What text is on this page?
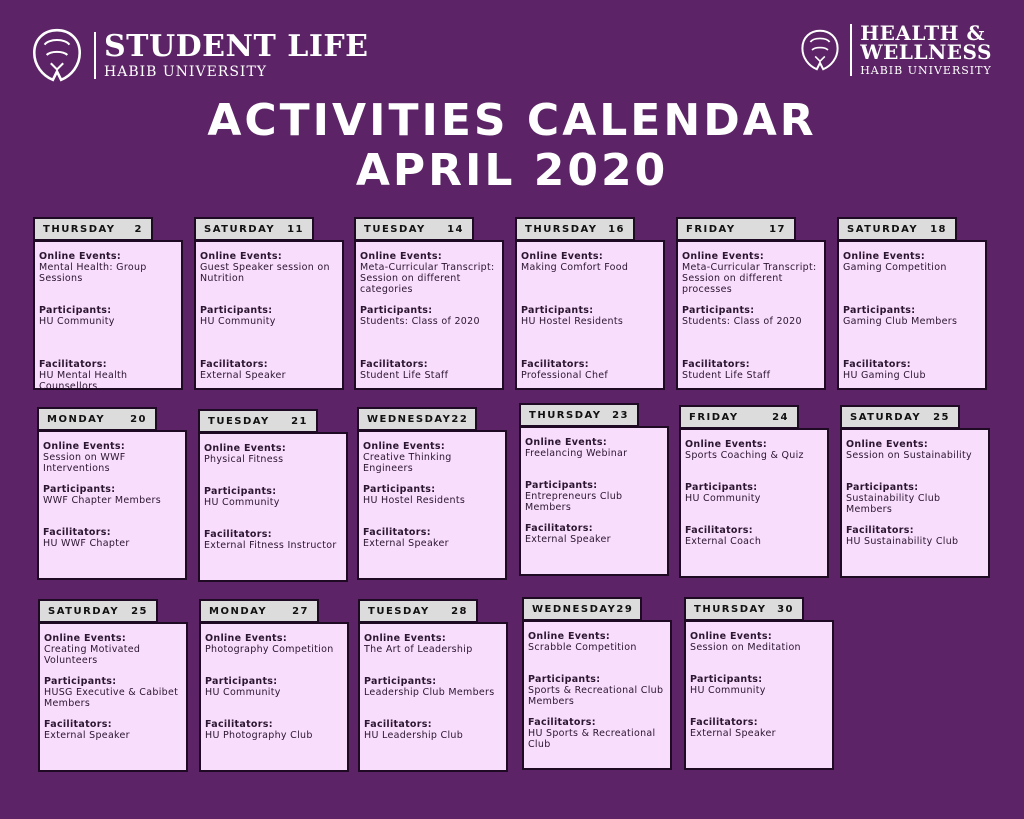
STUDENT LIFE
HABIB UNIVERSITY
HEALTH &
WELLNESS
HABIB UNIVERSITY
ACTIVITIES CALENDAR
APRIL 2020
Online Events:
Mental Health: Group Sessions
Participants:
HU Community
Facilitators:
HU Mental Health Counsellors
THURSDAY 2
Online Events:
Guest Speaker session on Nutrition
Participants:
HU Community
Facilitators:
External Speaker
SATURDAY 11
Online Events:
Meta-Curricular Transcript: Session on different categories
Participants:
Students: Class of 2020
Facilitators:
Student Life Staff
TUESDAY 14
Online Events:
Making Comfort Food
Participants:
HU Hostel Residents
Facilitators:
Professional Chef
THURSDAY 16
Online Events:
Meta-Curricular Transcript: Session on different processes
Participants:
Students: Class of 2020
Facilitators:
Student Life Staff
FRIDAY	17
Online Events:
Gaming Competition
Participants:
Gaming Club Members
Facilitators:
HU Gaming Club
SATURDAY 18
Online Events:
Session on WWF Interventions
Participants:
WWF Chapter Members
Facilitators:
HU WWF Chapter
MONDAY 20
Online Events:
Physical Fitness
Participants:
HU Community
Facilitators:
External Fitness Instructor
TUESDAY 21
Online Events:
Creative Thinking Engineers
Participants:
HU Hostel Residents
Facilitators:
External Speaker
WEDNESDAY 22
Online Events:
Freelancing Webinar
Participants:
Entrepreneurs Club Members
Facilitators:
External Speaker
THURSDAY 23
Online Events:
Sports Coaching & Quiz
Participants:
HU Community
Facilitators:
External Coach
FRIDAY	24
Online Events:
Session on Sustainability
Participants:
Sustainability Club Members
Facilitators:
HU Sustainability Club
SATURDAY 25
Online Events:
Creating Motivated Volunteers
Participants:
HUSG Executive & Cabibet Members
Facilitators:
External Speaker
SATURDAY 25
Online Events:
Photography Competition
Participants:
HU Community
Facilitators:
HU Photography Club
MONDAY 27
Online Events:
The Art of Leadership
Participants:
Leadership Club Members
Facilitators:
HU Leadership Club
TUESDAY 28
Online Events:
Scrabble Competition
Participants:
Sports & Recreational Club Members
Facilitators:
HU Sports & Recreational Club
WEDNESDAY 29
Online Events:
Session on Meditation
Participants:
HU Community
Facilitators:
External Speaker
THURSDAY 30
